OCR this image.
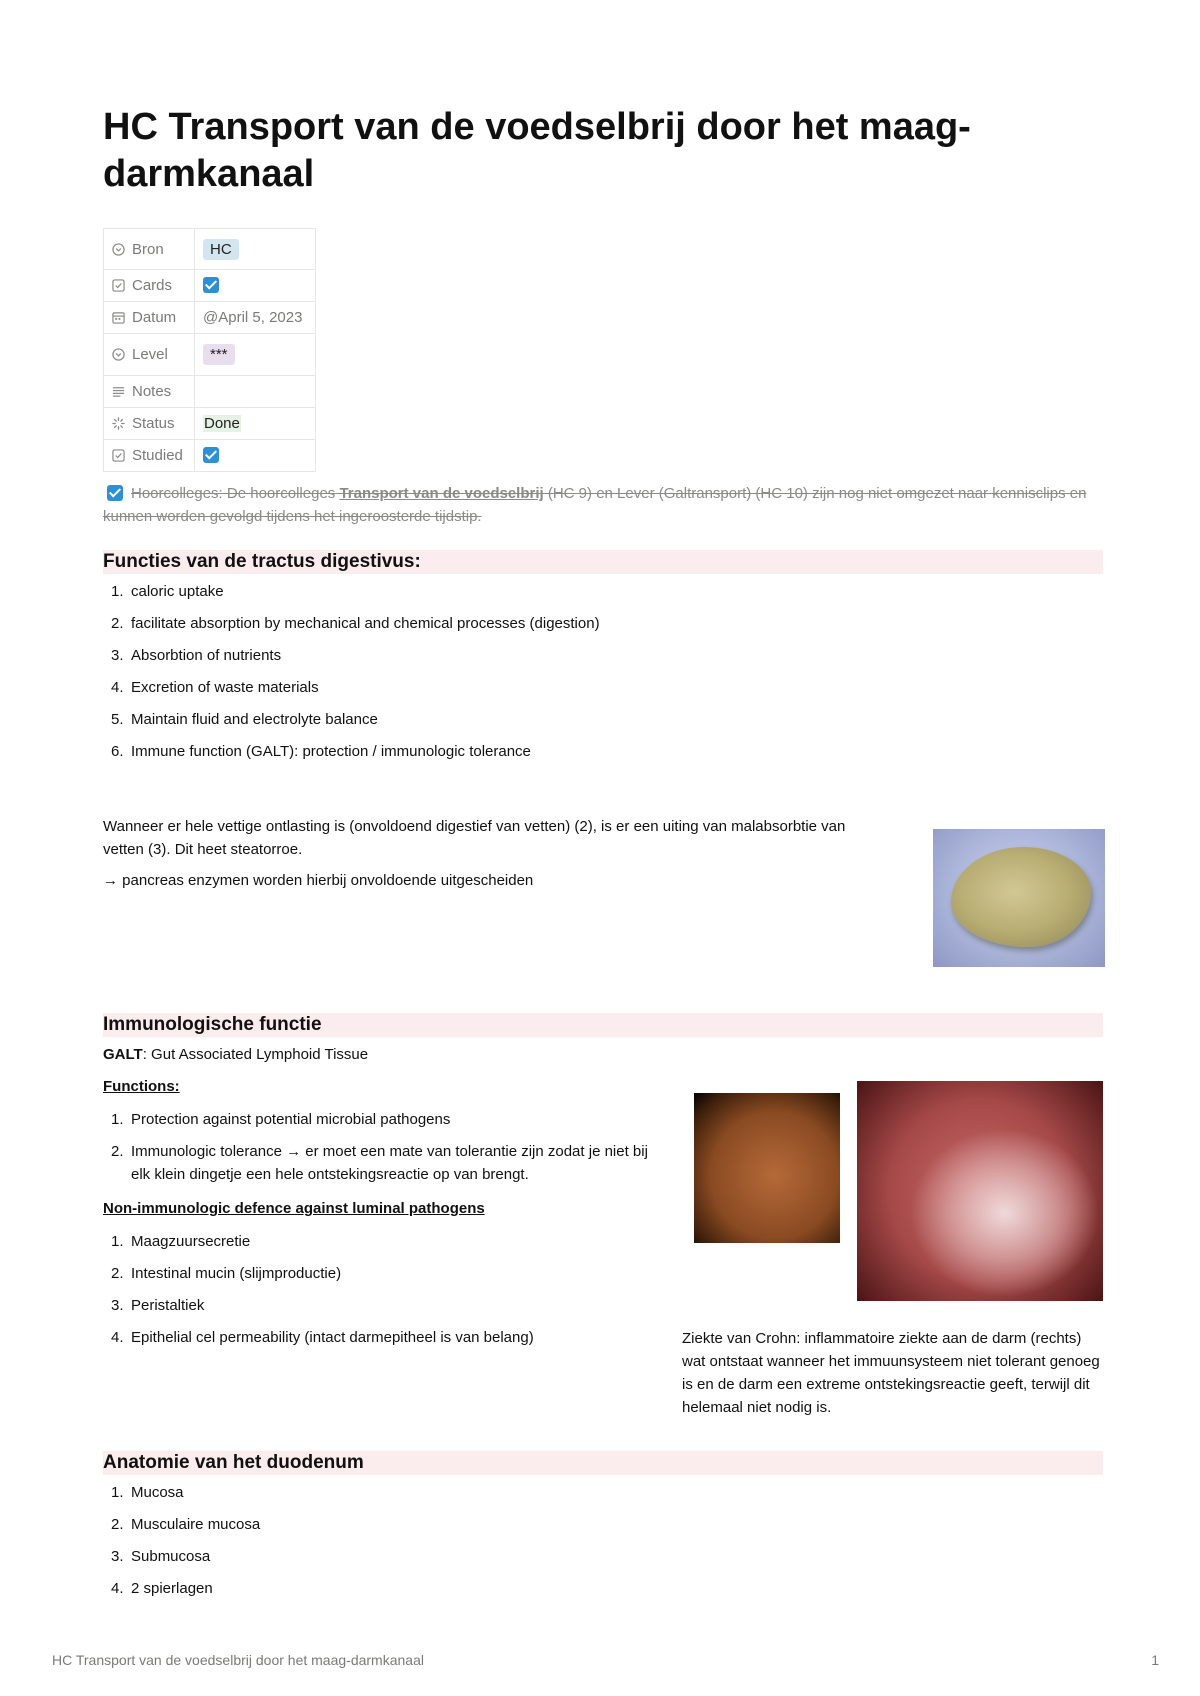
HC Transport van de voedselbrij door het maag-darmkanaal
Bron	HC
Cards	
Datum	@April 5, 2023
Level	***
Notes	
Status	Done
Studied	
Hoorcolleges: De hoorcolleges Transport van de voedselbrij (HC 9) en Lever (Galtransport) (HC 10) zijn nog niet omgezet naar kennisclips en kunnen worden gevolgd tijdens het ingeroosterde tijdstip.
Functies van de tractus digestivus:
1. caloric uptake
2. facilitate absorption by mechanical and chemical processes (digestion)
3. Absorbtion of nutrients
4. Excretion of waste materials
5. Maintain fluid and electrolyte balance
6. Immune function (GALT): protection / immunologic tolerance
Wanneer er hele vettige ontlasting is (onvoldoend digestief van vetten) (2), is er een uiting van malabsorbtie van vetten (3). Dit heet steatorroe.
→ pancreas enzymen worden hierbij onvoldoende uitgescheiden
Immunologische functie
GALT: Gut Associated Lymphoid Tissue
Functions:
1. Protection against potential microbial pathogens
2. Immunologic tolerance → er moet een mate van tolerantie zijn zodat je niet bij elk klein dingetje een hele ontstekingsreactie op van brengt.
Non-immunologic defence against luminal pathogens
1. Maagzuursecretie
2. Intestinal mucin (slijmproductie)
3. Peristaltiek
4. Epithelial cel permeability (intact darmepitheel is van belang)	Ziekte van Crohn: inflammatoire ziekte aan de darm (rechts) wat ontstaat wanneer het immuunsysteem niet tolerant genoeg is en de darm een extreme ontstekingsreactie geeft, terwijl dit helemaal niet nodig is.
Anatomie van het duodenum
1. Mucosa
2. Musculaire mucosa
3. Submucosa
4. 2 spierlagen
HC Transport van de voedselbrij door het maag-darmkanaal	1
